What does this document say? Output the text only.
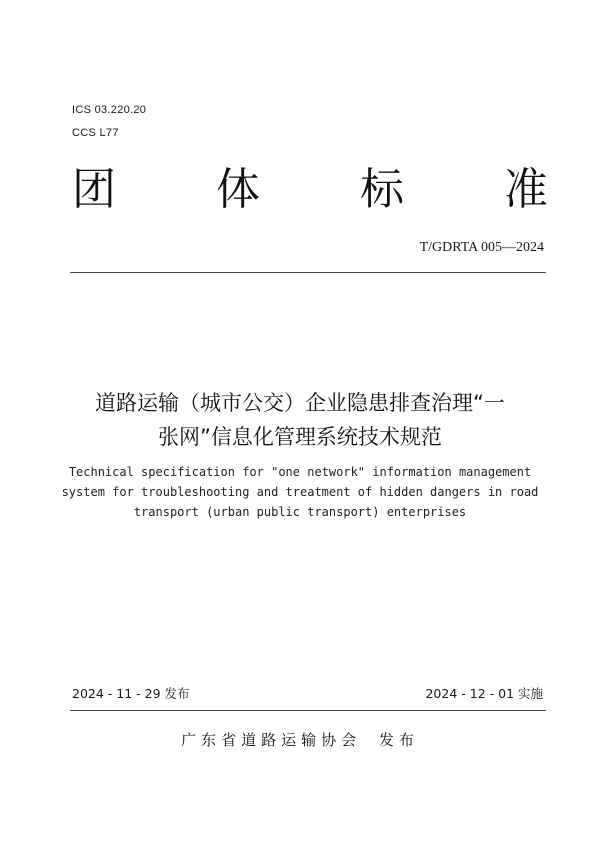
ICS 03.220.20
CCS L77
团 体 标 准
T/GDRTA 005—2024
道路运输（城市公交）企业隐患排查治理“一
张网”信息化管理系统技术规范
Technical specification for "one network" information management
system for troubleshooting and treatment of hidden dangers in road
transport (urban public transport) enterprises
2024 - 11 - 29 发布	2024 - 12 - 01 实施
广东省道路运输协会 发布
